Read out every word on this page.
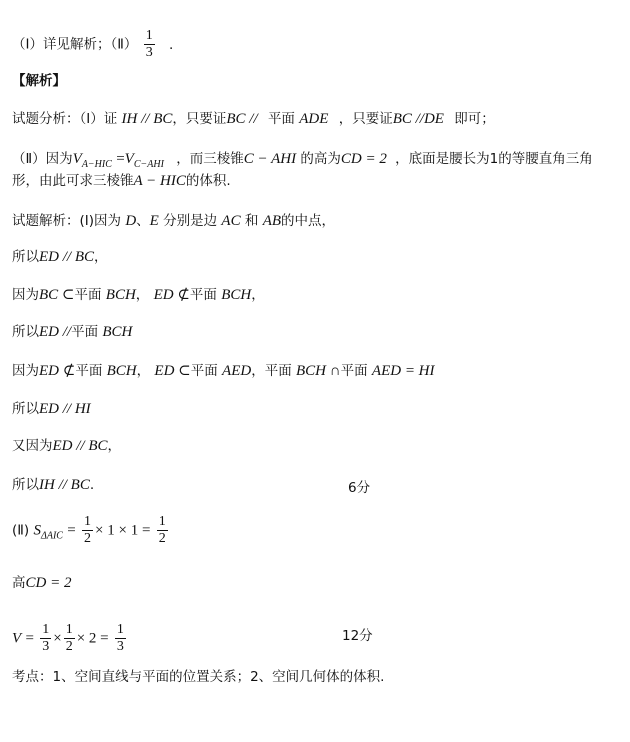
（Ⅰ）详见解析；（Ⅱ） $\frac{1}{3}$ .
【解析】
试题分析：（Ⅰ）证 IH // BC，只要证BC // 平面 ADE ，只要证BC //DE 即可；
（Ⅱ）因为$V_{A-HIC} =V_{C-AHI}$ ，而三棱锥C − AHI 的高为CD = 2 ，底面是腰长为1的等腰直角三角
形，由此可求三棱锥A − HIC的体积.
试题解析：(Ⅰ)因为 D、E 分别是边 AC 和 AB的中点，
所以ED // BC，
因为BC ⊂平面 BCH， ED ⊄平面 BCH，
所以ED //平面 BCH
因为ED ⊄平面 BCH， ED ⊂平面 AED，平面 BCH ∩平面 AED = HI
所以ED // HI
又因为ED // BC，
所以IH // BC.	6分
(Ⅱ) $S_{\Delta AIC} = \frac{1}{2} \times 1 \times 1 = \frac{1}{2}$
高CD = 2
$V = \frac{1}{3} \times \frac{1}{2} \times 2 = \frac{1}{3}$	12分
考点：1、空间直线与平面的位置关系；2、空间几何体的体积.
